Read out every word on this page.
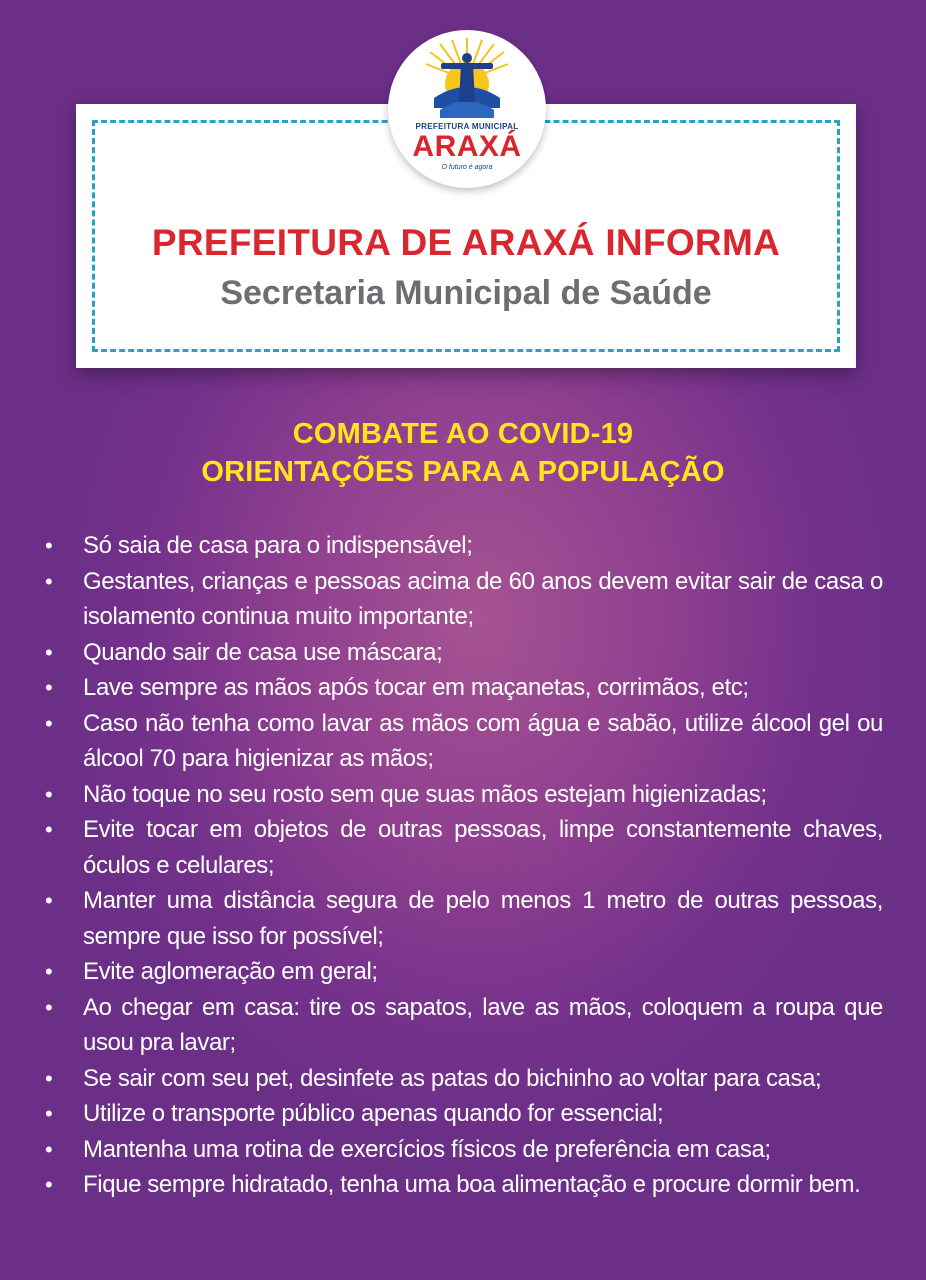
PREFEITURA DE ARAXÁ INFORMA
Secretaria Municipal de Saúde
PREFEITURA MUNICIPAL
ARAXÁ
O futuro é agora
COMBATE AO COVID-19
ORIENTAÇÕES PARA A POPULAÇÃO
•	Só saia de casa para o indispensável;
•	Gestantes, crianças e pessoas acima de 60 anos devem evitar sair de casa o isolamento continua muito importante;
•	Quando sair de casa use máscara;
•	Lave sempre as mãos após tocar em maçanetas, corrimãos, etc;
•	Caso não tenha como lavar as mãos com água e sabão, utilize álcool gel ou álcool 70 para higienizar as mãos;
•	Não toque no seu rosto sem que suas mãos estejam higienizadas;
•	Evite tocar em objetos de outras pessoas, limpe constantemente chaves, óculos e celulares;
•	Manter uma distância segura de pelo menos 1 metro de outras pessoas, sempre que isso for possível;
•	Evite aglomeração em geral;
•	Ao chegar em casa: tire os sapatos, lave as mãos, coloquem a roupa que usou pra lavar;
•	Se sair com seu pet, desinfete as patas do bichinho ao voltar para casa;
•	Utilize o transporte público apenas quando for essencial;
•	Mantenha uma rotina de exercícios físicos de preferência em casa;
•	Fique sempre hidratado, tenha uma boa alimentação e procure dormir bem.
